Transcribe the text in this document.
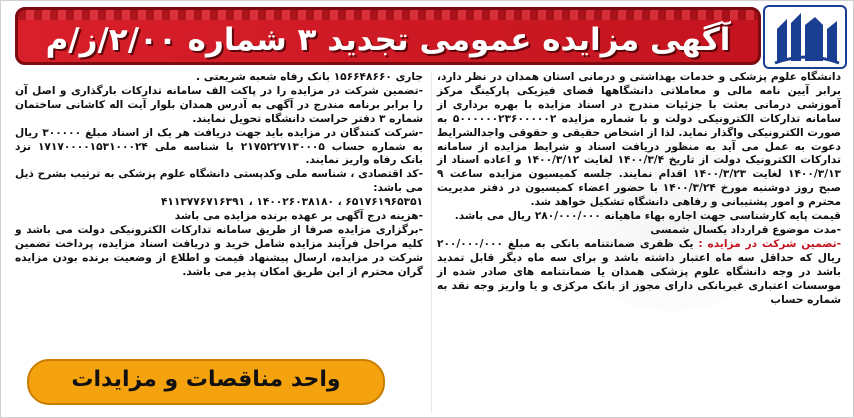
آگهی مزایده عمومی تجدید ۳ شماره ۲/۰۰/ز/م

دانشگاه علوم پزشکی و خدمات بهداشتی و درمانی استان همدان در نظر دارد، برابر آیین نامه مالی و معاملاتی دانشگاهها فضای فیزیکی پارکینگ مرکز آموزشی درمانی بعثت با جزئیات مندرج در اسناد مزایده با بهره برداری از سامانه تدارکات الکترونیکی دولت و با شماره مزایده ۵۰۰۰۰۰۰۲۳۶۰۰۰۰۰۲ به صورت الکترونیکی واگذار نماید. لذا از اشخاص حقیقی و حقوقی واجدالشرایط دعوت به عمل می آید به منظور دریافت اسناد و شرایط مزایده از سامانه تدارکات الکترونیک دولت از تاریخ ۱۴۰۰/۳/۴ لغایت ۱۴۰۰/۳/۱۲ و اعاده اسناد از ۱۴۰۰/۳/۱۳ لغایت ۱۴۰۰/۳/۲۳ اقدام نمایند. جلسه کمیسیون مزایده ساعت ۹ صبح روز دوشنبه مورخ ۱۴۰۰/۳/۲۴ با حضور اعضاء کمیسیون در دفتر مدیریت محترم و امور پشتیبانی و رفاهی دانشگاه تشکیل خواهد شد.

قیمت پایه کارشناسی جهت اجاره بهاء ماهیانه ۲۸۰/۰۰۰/۰۰۰ ریال می باشد.

-مدت موضوع قرارداد یکسال شمسی

-تضمین شرکت در مزایده : یک ظفری ضمانتنامه بانکی به مبلغ ۲۰۰/۰۰۰/۰۰۰ ریال که حداقل سه ماه اعتبار داشته باشد و برای سه ماه دیگر قابل تمدید باشد در وجه دانشگاه علوم پزشکی همدان یا ضمانتنامه های صادر شده از موسسات اعتباری غیربانکی دارای مجوز از بانک مرکزی و یا واریز وجه نقد به شماره حساب

جاری ۱۵۶۶۴۸۶۶۰ بانک رفاه شعبه شریعتی .

-تضمین شرکت در مزایده را در پاکت الف سامانه تدارکات بارگذاری و اصل آن را برابر برنامه مندرج در آگهی به آدرس همدان بلوار آیت اله کاشانی ساختمان شماره ۳ دفتر حراست دانشگاه تحویل نمایند.

-شرکت کنندگان در مزایده باید جهت دریافت هر یک از اسناد مبلغ ۳۰۰۰۰۰ ریال به شماره حساب ۲۱۷۵۲۲۷۱۳۰۰۰۵ با شناسه ملی ۱۷۱۷۰۰۰۰۱۵۳۱۰۰۰۲۴ نزد بانک رفاه واریز نمایند.

-کد اقتصادی ، شناسه ملی وکدپستی دانشگاه علوم پزشکی به ترتیب بشرح ذیل می باشد:

۶۵۱۷۶۱۹۶۵۳۵۱ ، ۱۴۰۰۲۶۰۳۸۱۸۰ ، ۴۱۱۳۷۷۶۷۱۶۳۹۱

-هزینه درج آگهی بر عهده برنده مزایده می باشد

-برگزاری مزایده صرفا از طریق سامانه تدارکات الکترونیکی دولت می باشد و کلیه مراحل فرآیند مزایده شامل خرید و دریافت اسناد مزایده، پرداخت تضمین شرکت در مزایده، ارسال پیشنهاد قیمت و اطلاع از وضعیت برنده بودن مزایده گران محترم از این طریق امکان پذیر می باشد.

واحد مناقصات و مزایدات
